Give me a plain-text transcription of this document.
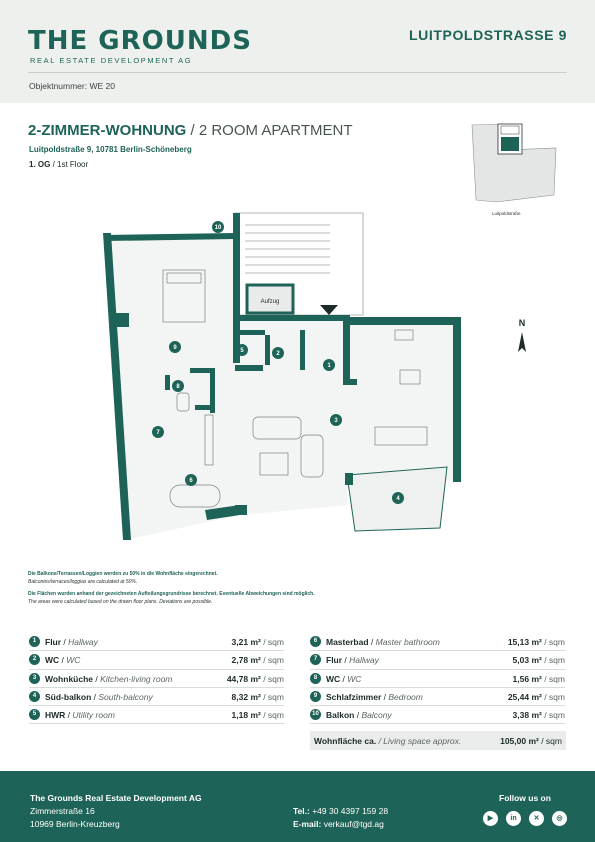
THE GROUNDS
REAL ESTATE DEVELOPMENT AG
LUITPOLDSTRASSE 9
Objektnummer: WE 20
2-ZIMMER-WOHNUNG / 2 ROOM APARTMENT
Luitpoldstraße 9, 10781 Berlin-Schöneberg
1. OG / 1st Floor
Luitpoldstraße
N
Aufzug
1
2
3
4
5
6
7
8
9
10
Die Balkone/Terrassen/Loggien werden zu 50% in die Wohnfläche eingerechnet.
Balconies/terraces/loggias are calculated at 50%.
Die Flächen wurden anhand der gezeichneten Aufteilungsgrundrisse berechnet. Eventuelle Abweichungen sind möglich.
The areas were calculated based on the drawn floor plans. Deviations are possible.
1	Flur / Hallway	3,21 m² / sqm
2	WC / WC	2,78 m² / sqm
3	Wohnküche / Kitchen-living room	44,78 m² / sqm
4	Süd-balkon / South-balcony	8,32 m² / sqm
5	HWR / Utility room	1,18 m² / sqm
6	Masterbad / Master bathroom	15,13 m² / sqm
7	Flur / Hallway	5,03 m² / sqm
8	WC / WC	1,56 m² / sqm
9	Schlafzimmer / Bedroom	25,44 m² / sqm
10 Balkon / Balcony	3,38 m² / sqm
Wohnfläche ca. / Living space approx.	105,00 m² / sqm
The Grounds Real Estate Development AG
Zimmerstraße 16
10969 Berlin-Kreuzberg
Tel.: +49 30 4397 159 28
E-mail: verkauf@tgd.ag
Follow us on
▶	in	✕	◎
